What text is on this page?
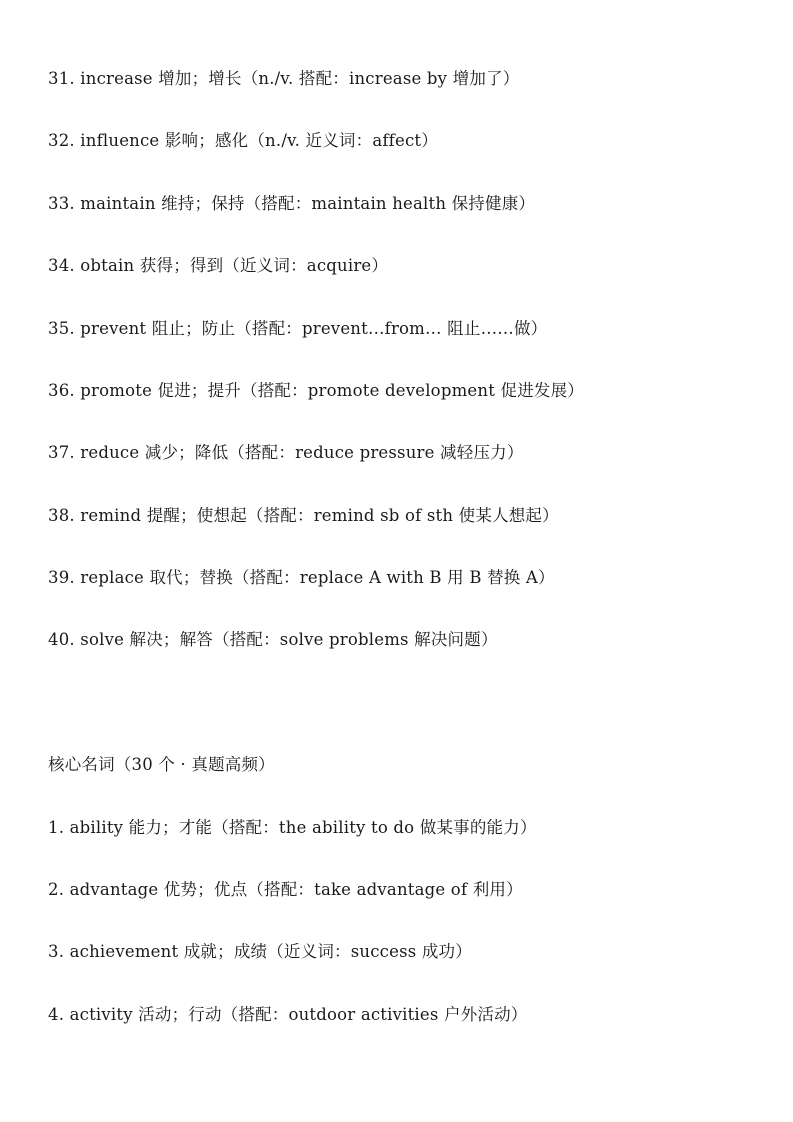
31. increase 增加；增长（n./v. 搭配：increase by 增加了）
32. influence 影响；感化（n./v. 近义词：affect）
33. maintain 维持；保持（搭配：maintain health 保持健康）
34. obtain 获得；得到（近义词：acquire）
35. prevent 阻止；防止（搭配：prevent…from… 阻止……做）
36. promote 促进；提升（搭配：promote development 促进发展）
37. reduce 减少；降低（搭配：reduce pressure 减轻压力）
38. remind 提醒；使想起（搭配：remind sb of sth 使某人想起）
39. replace 取代；替换（搭配：replace A with B 用 B 替换 A）
40. solve 解决；解答（搭配：solve problems 解决问题）
核心名词（30 个 · 真题高频）
1. ability 能力；才能（搭配：the ability to do 做某事的能力）
2. advantage 优势；优点（搭配：take advantage of 利用）
3. achievement 成就；成绩（近义词：success 成功）
4. activity 活动；行动（搭配：outdoor activities 户外活动）
